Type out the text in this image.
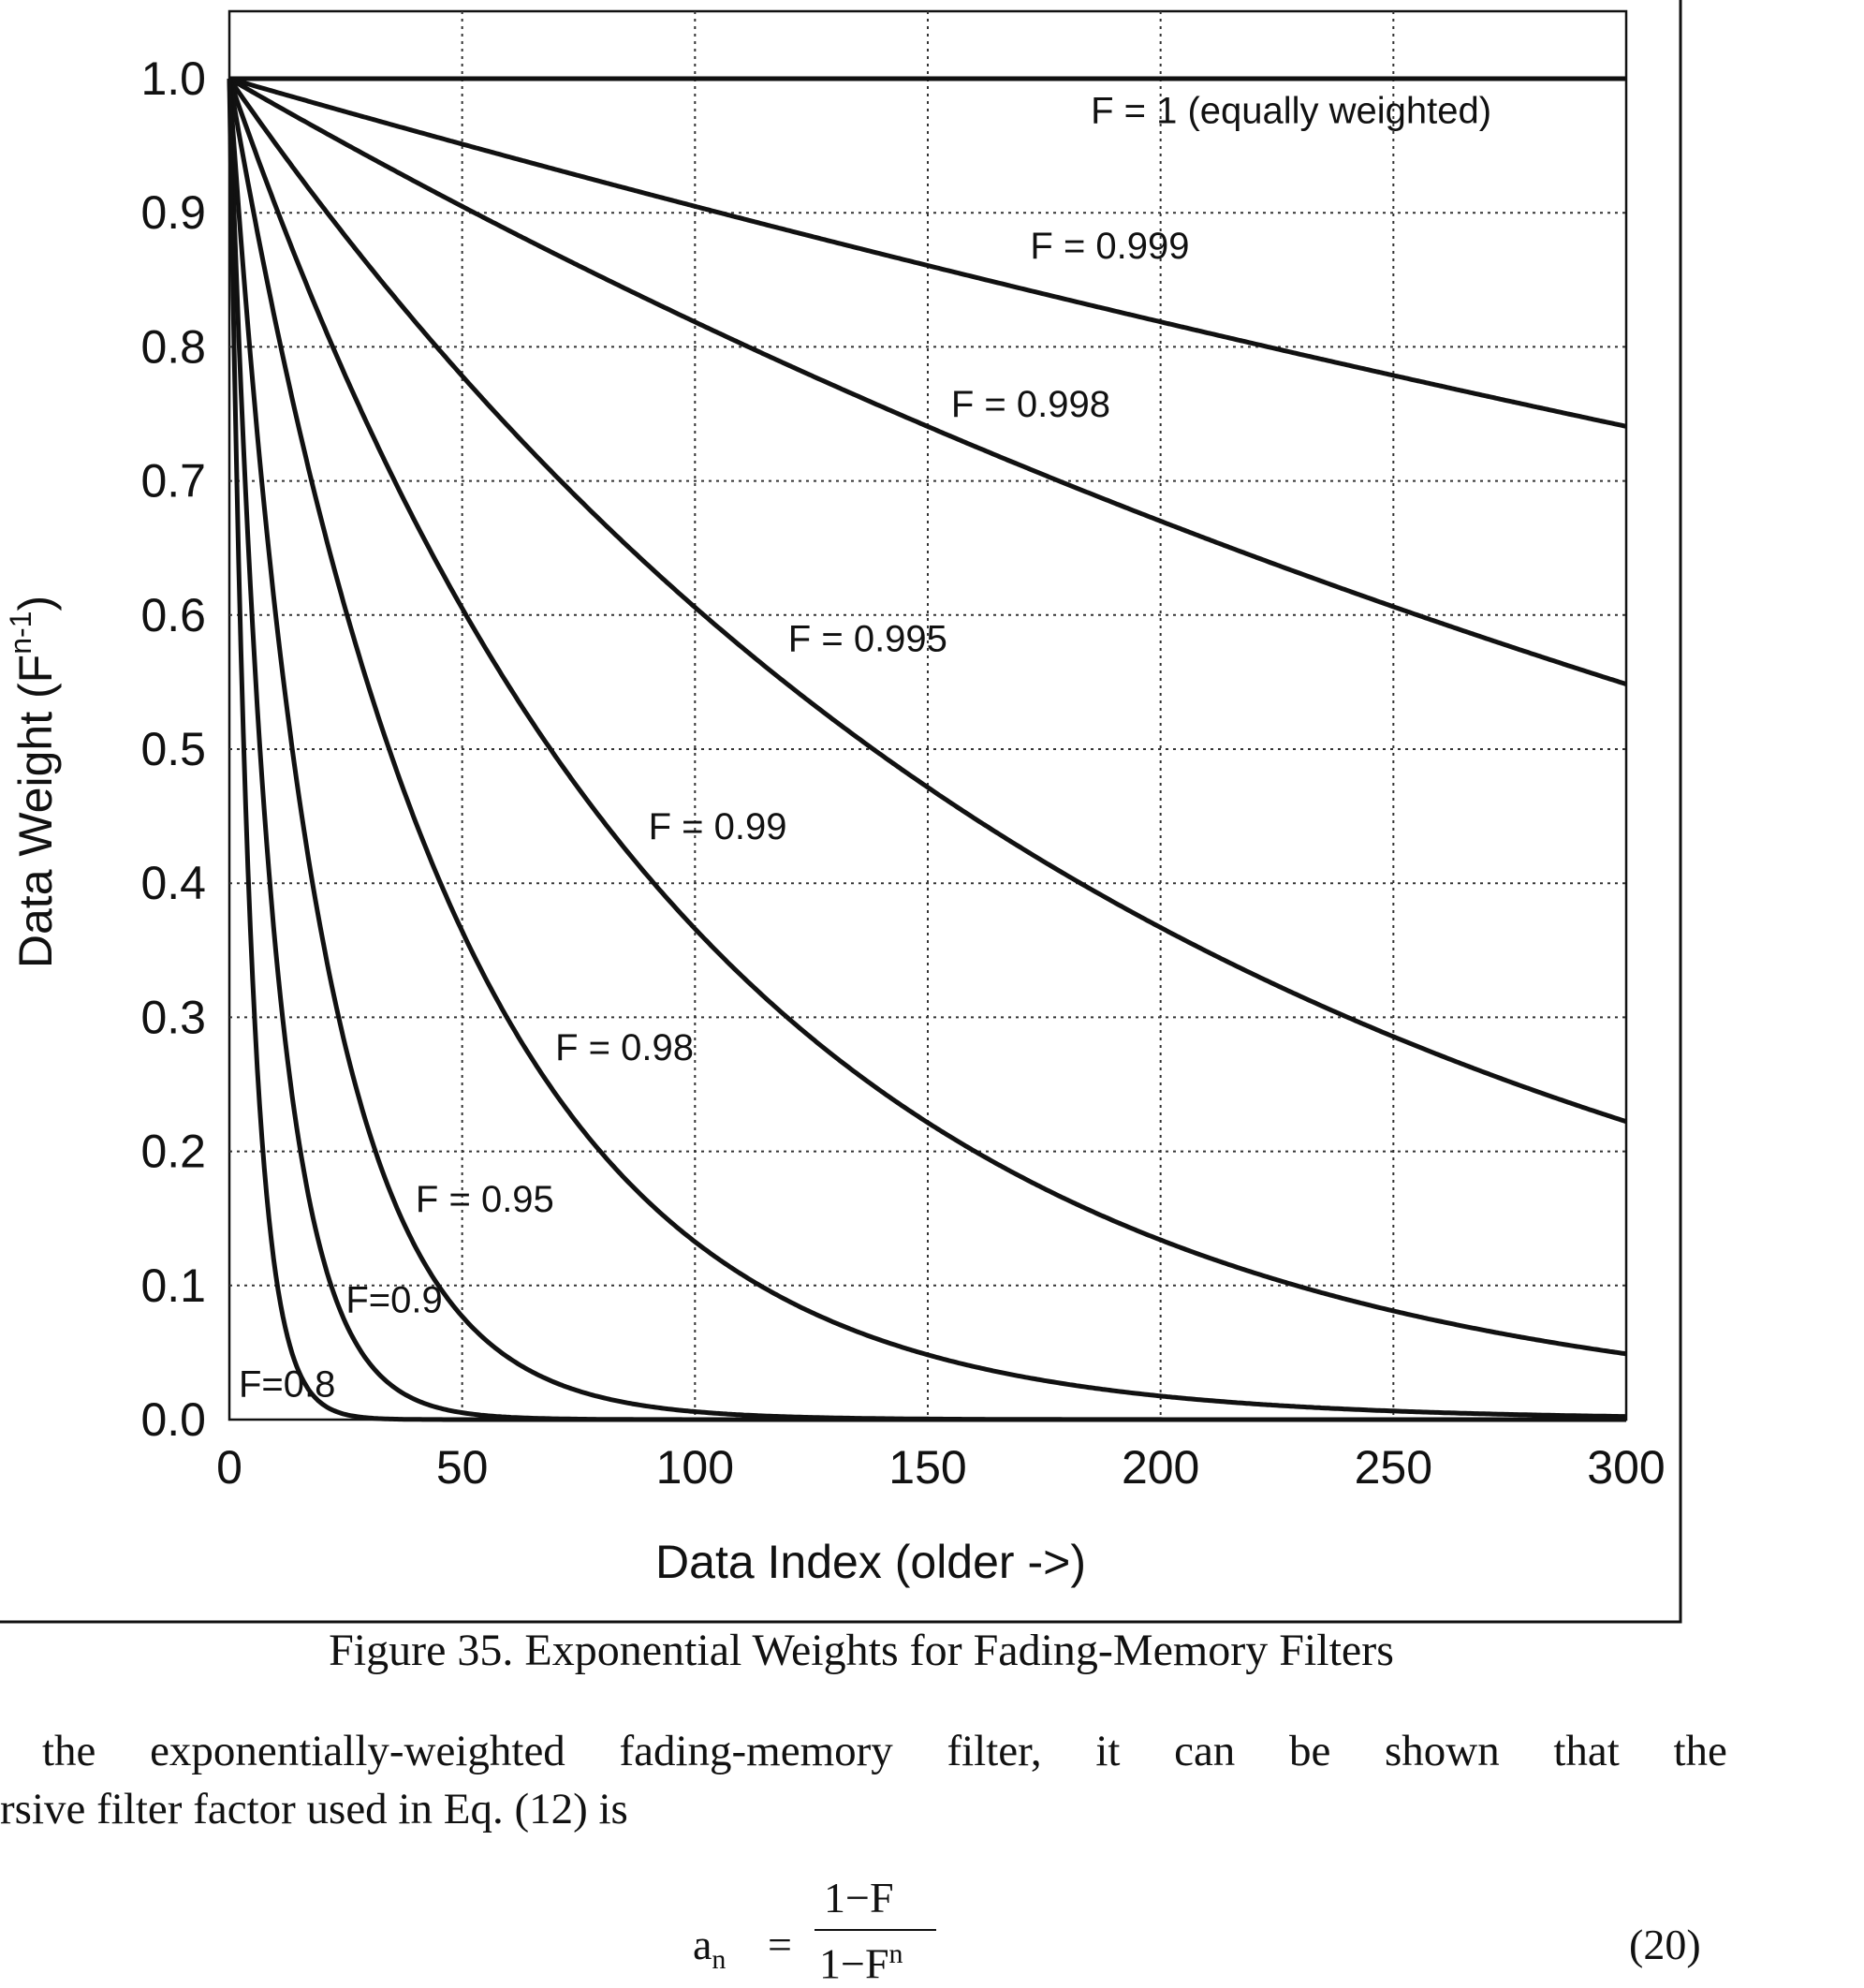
0	50	100	150	200	250	300
0.0
0.1
0.2
0.3
0.4
0.5
0.6
0.7
0.8
0.9
1.0
F = 1 (equally weighted)
F = 0.999
F = 0.998
F = 0.995
F = 0.99
F = 0.98
F = 0.95
F=0.9
F=0.8
Data Index (older ->)
Data Weight $(F^{n-1})$
Figure 35. Exponential Weights for Fading-Memory Filters
the exponentially-weighted fading-memory filter, it can be shown that the
rsive filter factor used in Eq. (12) is
$a_n$ =
1−F
$1-F^n$	(20)
